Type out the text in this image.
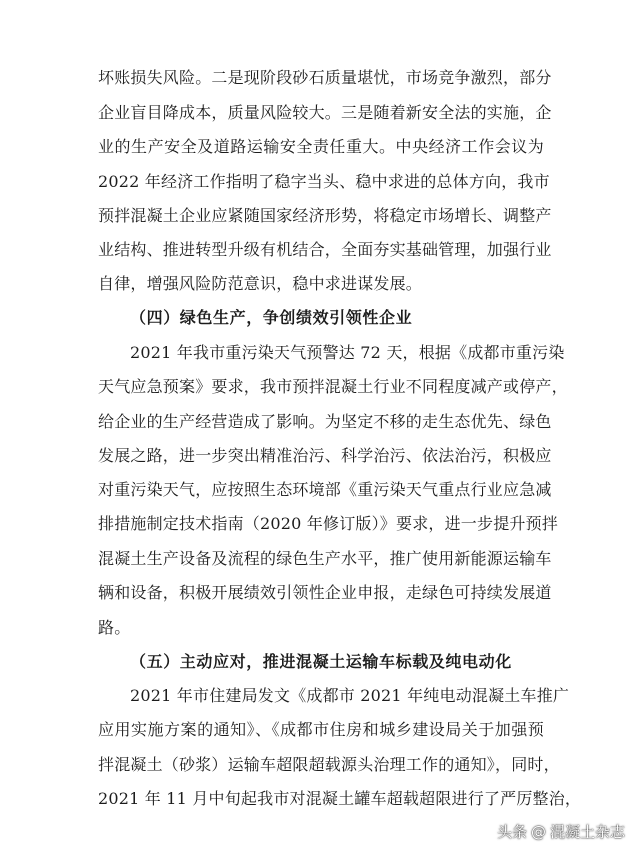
坏账损失风险。二是现阶段砂石质量堪忧，市场竞争激烈，部分
企业盲目降成本，质量风险较大。三是随着新安全法的实施，企
业的生产安全及道路运输安全责任重大。中央经济工作会议为
2022 年经济工作指明了稳字当头、稳中求进的总体方向，我市
预拌混凝土企业应紧随国家经济形势，将稳定市场增长、调整产
业结构、推进转型升级有机结合，全面夯实基础管理，加强行业
自律，增强风险防范意识，稳中求进谋发展。
（四）绿色生产，争创绩效引领性企业
2021 年我市重污染天气预警达 72 天，根据《成都市重污染
天气应急预案》要求，我市预拌混凝土行业不同程度减产或停产，
给企业的生产经营造成了影响。为坚定不移的走生态优先、绿色
发展之路，进一步突出精准治污、科学治污、依法治污，积极应
对重污染天气，应按照生态环境部《重污染天气重点行业应急减
排措施制定技术指南（2020 年修订版）》要求，进一步提升预拌
混凝土生产设备及流程的绿色生产水平，推广使用新能源运输车
辆和设备，积极开展绩效引领性企业申报，走绿色可持续发展道
路。
（五）主动应对，推进混凝土运输车标载及纯电动化
2021 年市住建局发文《成都市 2021 年纯电动混凝土车推广
应用实施方案的通知》、《成都市住房和城乡建设局关于加强预
拌混凝土（砂浆）运输车超限超载源头治理工作的通知》，同时，
2021 年 11 月中旬起我市对混凝土罐车超载超限进行了严厉整治，
头条 @ 混凝土杂志
